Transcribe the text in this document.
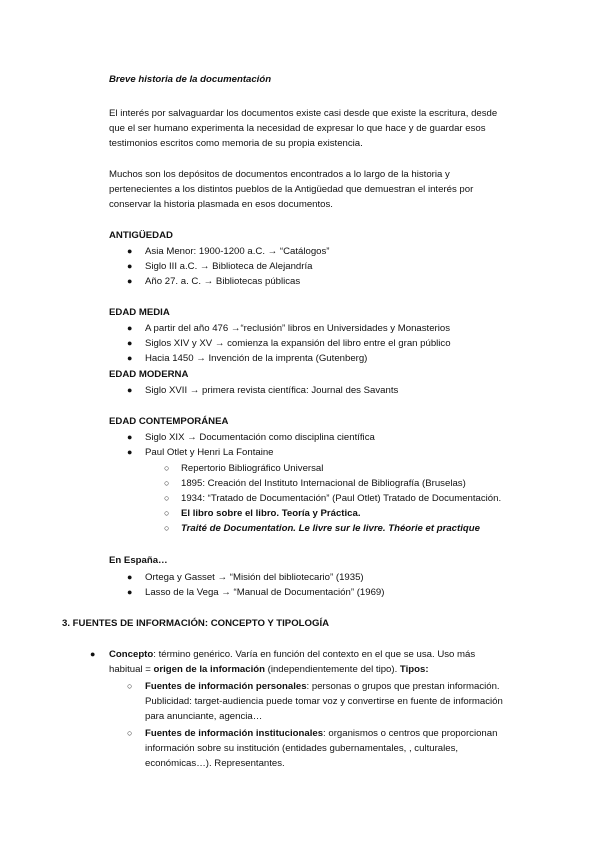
Breve historia de la documentación
El interés por salvaguardar los documentos existe casi desde que existe la escritura, desde
que el ser humano experimenta la necesidad de expresar lo que hace y de guardar esos
testimonios escritos como memoria de su propia existencia.
Muchos son los depósitos de documentos encontrados a lo largo de la historia y
pertenecientes a los distintos pueblos de la Antigüedad que demuestran el interés por
conservar la historia plasmada en esos documentos.
ANTIGÜEDAD
● Asia Menor: 1900-1200 a.C. → “Catálogos”
● Siglo III a.C. → Biblioteca de Alejandría
● Año 27. a. C. → Bibliotecas públicas
EDAD MEDIA
● A partir del año 476 →“reclusión” libros en Universidades y Monasterios
● Siglos XIV y XV → comienza la expansión del libro entre el gran público
● Hacia 1450 → Invención de la imprenta (Gutenberg)
EDAD MODERNA
● Siglo XVII → primera revista científica: Journal des Savants
EDAD CONTEMPORÁNEA
● Siglo XIX → Documentación como disciplina científica
● Paul Otlet y Henri La Fontaine
○ Repertorio Bibliográfico Universal
○ 1895: Creación del Instituto Internacional de Bibliografía (Bruselas)
○ 1934: “Tratado de Documentación” (Paul Otlet) Tratado de Documentación.
○ El libro sobre el libro. Teoría y Práctica.
○ Traité de Documentation. Le livre sur le livre. Théorie et practique
En España…
● Ortega y Gasset → “Misión del bibliotecario” (1935)
● Lasso de la Vega → “Manual de Documentación” (1969)
3. FUENTES DE INFORMACIÓN: CONCEPTO Y TIPOLOGÍA
● Concepto: término genérico. Varía en función del contexto en el que se usa. Uso más
habitual = origen de la información (independientemente del tipo). Tipos:
○ Fuentes de información personales: personas o grupos que prestan información.
Publicidad: target-audiencia puede tomar voz y convertirse en fuente de información
para anunciante, agencia…
○ Fuentes de información institucionales: organismos o centros que proporcionan
información sobre su institución (entidades gubernamentales, , culturales,
económicas…). Representantes.
